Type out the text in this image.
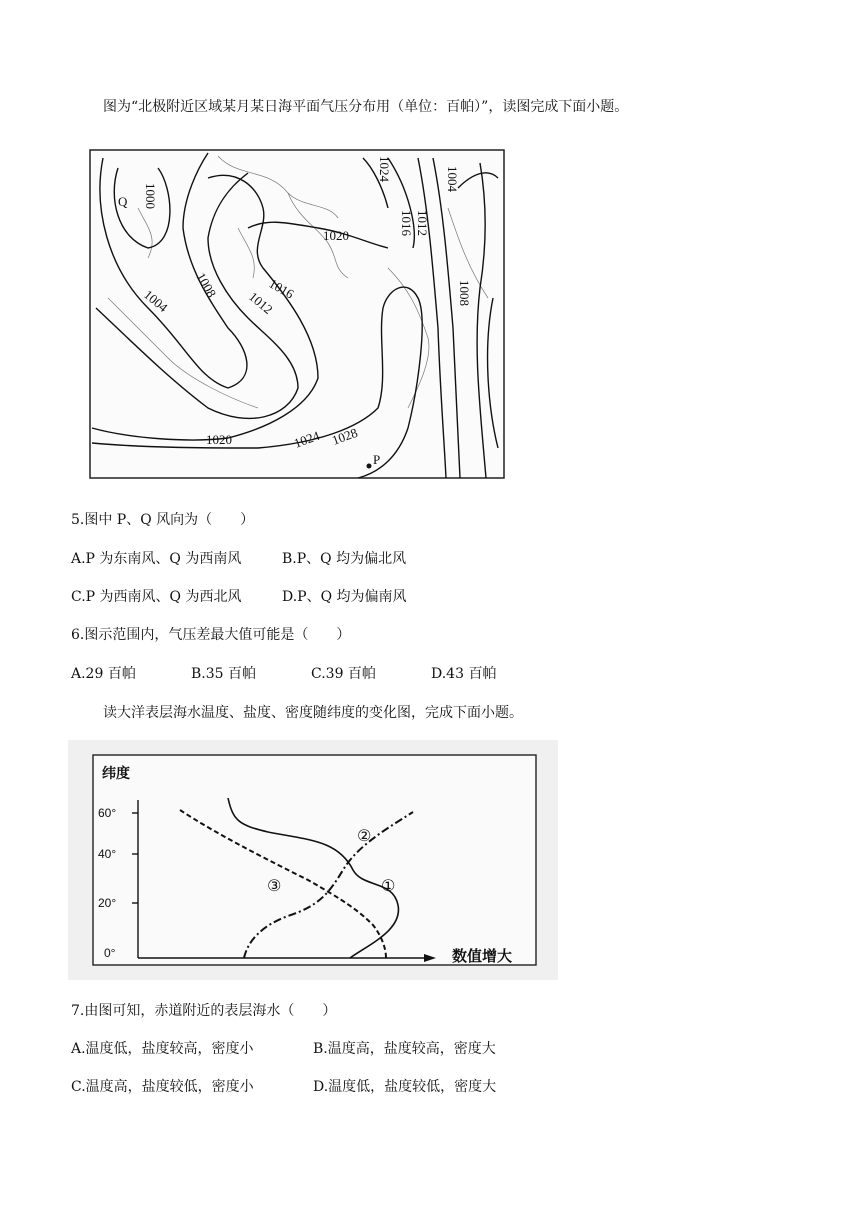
图为“北极附近区域某月某日海平面气压分布用（单位：百帕）”，读图完成下面小题。
1000
1004
1008
1012
1016
1020
1024
1028
1004
1008
1012
1016
1020	1024
Q
P
5.图中 P、Q 风向为（　　）
A.P 为东南风、Q 为西南风	B.P、Q 均为偏北风
C.P 为西南风、Q 为西北风	D.P、Q 均为偏南风
6.图示范围内，气压差最大值可能是（　　）
A.29 百帕	B.35 百帕	C.39 百帕	D.43 百帕
读大洋表层海水温度、盐度、密度随纬度的变化图，完成下面小题。
纬度
数值增大
60°
40°
20°
0°
②
③	①
7.由图可知，赤道附近的表层海水（　　）
A.温度低，盐度较高，密度小	B.温度高，盐度较高，密度大
C.温度高，盐度较低，密度小	D.温度低，盐度较低，密度大
